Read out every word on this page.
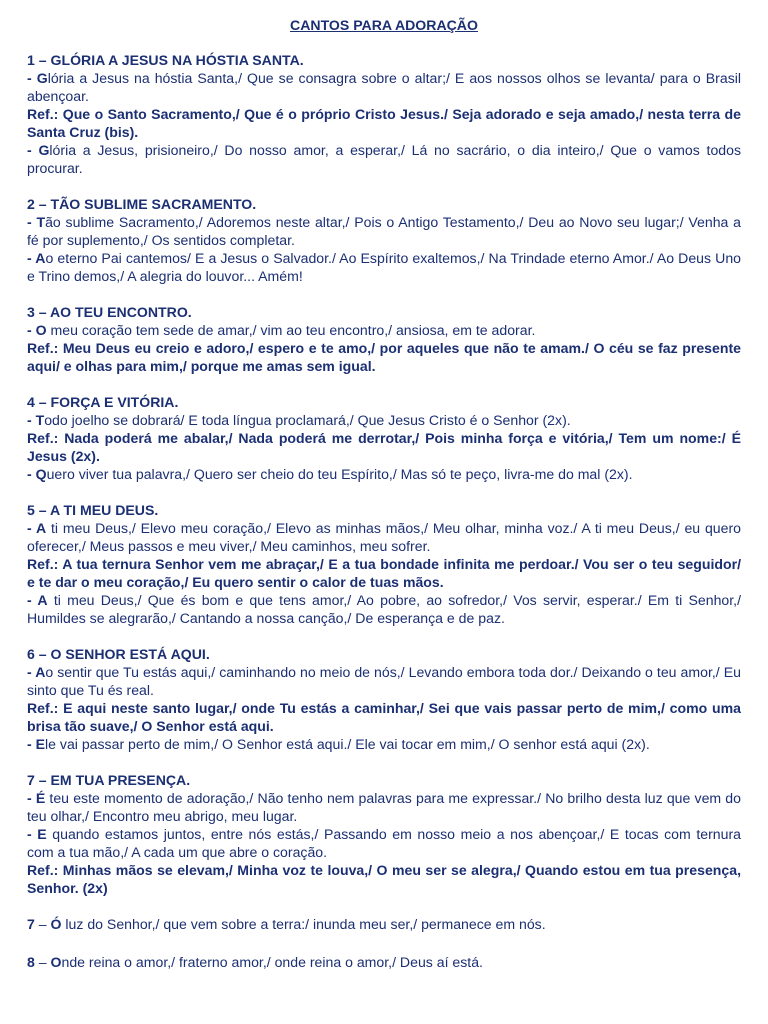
CANTOS PARA ADORAÇÃO
1 – GLÓRIA A JESUS NA HÓSTIA SANTA.
- Glória a Jesus na hóstia Santa,/ Que se consagra sobre o altar;/ E aos nossos olhos se levanta/ para o Brasil abençoar.
Ref.: Que o Santo Sacramento,/ Que é o próprio Cristo Jesus./ Seja adorado e seja amado,/ nesta terra de Santa Cruz (bis).
- Glória a Jesus, prisioneiro,/ Do nosso amor, a esperar,/ Lá no sacrário, o dia inteiro,/ Que o vamos todos procurar.
2 – TÃO SUBLIME SACRAMENTO.
- Tão sublime Sacramento,/ Adoremos neste altar,/ Pois o Antigo Testamento,/ Deu ao Novo seu lugar;/ Venha a fé por suplemento,/ Os sentidos completar.
- Ao eterno Pai cantemos/ E a Jesus o Salvador./ Ao Espírito exaltemos,/ Na Trindade eterno Amor./ Ao Deus Uno e Trino demos,/ A alegria do louvor... Amém!
3 – AO TEU ENCONTRO.
- O meu coração tem sede de amar,/ vim ao teu encontro,/ ansiosa, em te adorar.
Ref.: Meu Deus eu creio e adoro,/ espero e te amo,/ por aqueles que não te amam./ O céu se faz presente aqui/ e olhas para mim,/ porque me amas sem igual.
4 – FORÇA E VITÓRIA.
- Todo joelho se dobrará/ E toda língua proclamará,/ Que Jesus Cristo é o Senhor (2x).
Ref.: Nada poderá me abalar,/ Nada poderá me derrotar,/ Pois minha força e vitória,/ Tem um nome:/ É Jesus (2x).
- Quero viver tua palavra,/ Quero ser cheio do teu Espírito,/ Mas só te peço, livra-me do mal (2x).
5 – A TI MEU DEUS.
- A ti meu Deus,/ Elevo meu coração,/ Elevo as minhas mãos,/ Meu olhar, minha voz./ A ti meu Deus,/ eu quero oferecer,/ Meus passos e meu viver,/ Meu caminhos, meu sofrer.
Ref.: A tua ternura Senhor vem me abraçar,/ E a tua bondade infinita me perdoar./ Vou ser o teu seguidor/ e te dar o meu coração,/ Eu quero sentir o calor de tuas mãos.
- A ti meu Deus,/ Que és bom e que tens amor,/ Ao pobre, ao sofredor,/ Vos servir, esperar./ Em ti Senhor,/ Humildes se alegrarão,/ Cantando a nossa canção,/ De esperança e de paz.
6 – O SENHOR ESTÁ AQUI.
- Ao sentir que Tu estás aqui,/ caminhando no meio de nós,/ Levando embora toda dor./ Deixando o teu amor,/ Eu sinto que Tu és real.
Ref.: E aqui neste santo lugar,/ onde Tu estás a caminhar,/ Sei que vais passar perto de mim,/ como uma brisa tão suave,/ O Senhor está aqui.
- Ele vai passar perto de mim,/ O Senhor está aqui./ Ele vai tocar em mim,/ O senhor está aqui (2x).
7 – EM TUA PRESENÇA.
- É teu este momento de adoração,/ Não tenho nem palavras para me expressar./ No brilho desta luz que vem do teu olhar,/ Encontro meu abrigo, meu lugar.
- E quando estamos juntos, entre nós estás,/ Passando em nosso meio a nos abençoar,/ E tocas com ternura com a tua mão,/ A cada um que abre o coração.
Ref.: Minhas mãos se elevam,/ Minha voz te louva,/ O meu ser se alegra,/ Quando estou em tua presença, Senhor. (2x)
7 – Ó luz do Senhor,/ que vem sobre a terra:/ inunda meu ser,/ permanece em nós.
8 – Onde reina o amor,/ fraterno amor,/ onde reina o amor,/ Deus aí está.
